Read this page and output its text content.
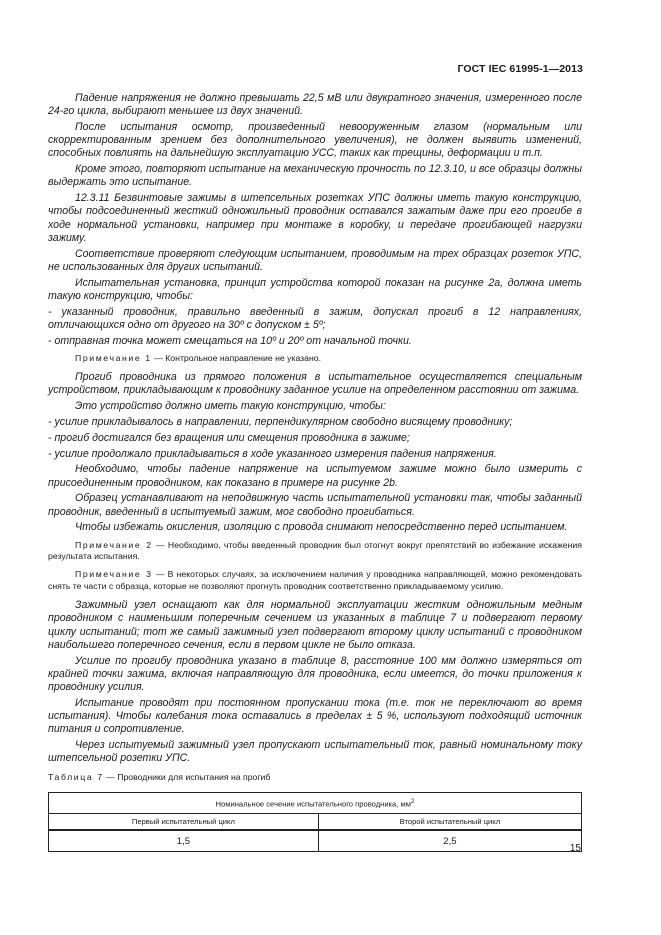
ГОСТ IEC 61995-1—2013

Падение напряжения не должно превышать 22,5 мВ или двукратного значения, измеренного после 24-го цикла, выбирают меньшее из двух значений.

После испытания осмотр, произведенный невооруженным глазом (нормальным или скорректированным зрением без дополнительного увеличения), не должен выявить изменений, способных повлиять на дальнейшую эксплуатацию УСС, таких как трещины, деформации и т.п.

Кроме этого, повторяют испытание на механическую прочность по 12.3.10, и все образцы должны выдержать это испытание.

12.3.11 Безвинтовые зажимы в штепсельных розетках УПС должны иметь такую конструкцию, чтобы подсоединенный жесткий одножильный проводник оставался зажатым даже при его прогибе в ходе нормальной установки, например при монтаже в коробку, и передаче прогибающей нагрузки зажиму.

Соответствие проверяют следующим испытанием, проводимым на трех образцах розеток УПС, не использованных для других испытаний.

Испытательная установка, принцип устройства которой показан на рисунке 2а, должна иметь такую конструкцию, чтобы:

- указанный проводник, правильно введенный в зажим, допускал прогиб в 12 направлениях, отличающихся одно от другого на 30º с допуском ± 5º;

- отправная точка может смещаться на 10º и 20º от начальной точки.

Примечание 1 — Контрольное направление не указано.

Прогиб проводника из прямого положения в испытательное осуществляется специальным устройством, прикладывающим к проводнику заданное усилие на определенном расстоянии от зажима.

Это устройство должно иметь такую конструкцию, чтобы:

- усилие прикладывалось в направлении, перпендикулярном свободно висящему проводнику;

- прогиб достигался без вращения или смещения проводника в зажиме;

- усилие продолжало прикладываться в ходе указанного измерения падения напряжения.

Необходимо, чтобы падение напряжение на испытуемом зажиме можно было измерить с присоединенным проводником, как показано в примере на рисунке 2b.

Образец устанавливают на неподвижную часть испытательной установки так, чтобы заданный проводник, введенный в испытуемый зажим, мог свободно прогибаться.

Чтобы избежать окисления, изоляцию с провода снимают непосредственно перед испытанием.

Примечание 2 — Необходимо, чтобы введенный проводник был отогнут вокруг препятствий во избежание искажения результата испытания.

Примечание 3 — В некоторых случаях, за исключением наличия у проводника направляющей, можно рекомендовать снять те части с образца, которые не позволяют прогнуть проводник соответственно прикладываемому усилию.

Зажимный узел оснащают как для нормальной эксплуатации жестким одножильным медным проводником с наименьшим поперечным сечением из указанных в таблице 7 и подвергают первому циклу испытаний; тот же самый зажимный узел подвергают второму циклу испытаний с проводником наибольшего поперечного сечения, если в первом цикле не было отказа.

Усилие по прогибу проводника указано в таблице 8, расстояние 100 мм должно измеряться от крайней точки зажима, включая направляющую для проводника, если имеется, до точки приложения к проводнику усилия.

Испытание проводят при постоянном пропускании тока (т.е. ток не переключают во время испытания). Чтобы колебания тока оставались в пределах ± 5 %, используют подходящий источник питания и сопротивление.

Через испытуемый зажимный узел пропускают испытательный ток, равный номинальному току штепсельной розетки УПС.

Таблица 7 — Проводники для испытания на прогиб

Номинальное сечение испытательного проводника, $мм^2$
Первый испытательный цикл	Второй испытательный цикл
1,5	2,5
15
